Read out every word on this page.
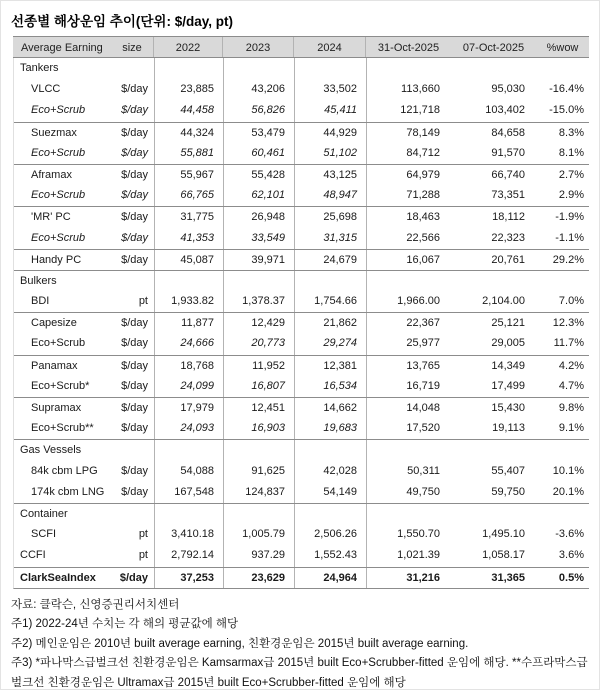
선종별 해상운임 추이(단위: $/day, pt)
Average Earning	size	2022	2023	2024	31-Oct-2025	07-Oct-2025	%wow
Tankers
VLCC	$/day	23,885	43,206	33,502	113,660	95,030	-16.4%
Eco+Scrub	$/day	44,458	56,826	45,411	121,718	103,402	-15.0%
Suezmax	$/day	44,324	53,479	44,929	78,149	84,658	8.3%
Eco+Scrub	$/day	55,881	60,461	51,102	84,712	91,570	8.1%
Aframax	$/day	55,967	55,428	43,125	64,979	66,740	2.7%
Eco+Scrub	$/day	66,765	62,101	48,947	71,288	73,351	2.9%
'MR' PC	$/day	31,775	26,948	25,698	18,463	18,112	-1.9%
Eco+Scrub	$/day	41,353	33,549	31,315	22,566	22,323	-1.1%
Handy PC	$/day	45,087	39,971	24,679	16,067	20,761	29.2%
Bulkers
BDI	pt	1,933.82	1,378.37	1,754.66	1,966.00	2,104.00	7.0%
Capesize	$/day	11,877	12,429	21,862	22,367	25,121	12.3%
Eco+Scrub	$/day	24,666	20,773	29,274	25,977	29,005	11.7%
Panamax	$/day	18,768	11,952	12,381	13,765	14,349	4.2%
Eco+Scrub*	$/day	24,099	16,807	16,534	16,719	17,499	4.7%
Supramax	$/day	17,979	12,451	14,662	14,048	15,430	9.8%
Eco+Scrub**	$/day	24,093	16,903	19,683	17,520	19,113	9.1%
Gas Vessels
84k cbm LPG	$/day	54,088	91,625	42,028	50,311	55,407	10.1%
174k cbm LNG	$/day	167,548	124,837	54,149	49,750	59,750	20.1%
Container
SCFI	pt	3,410.18	1,005.79	2,506.26	1,550.70	1,495.10	-3.6%
CCFI	pt	2,792.14	937.29	1,552.43	1,021.39	1,058.17	3.6%
ClarkSeaIndex	$/day	37,253	23,629	24,964	31,216	31,365	0.5%
자료: 클락슨, 신영증권리서치센터
주1) 2022-24년 수치는 각 해의 평균값에 해당
주2) 메인운임은 2010년 built average earning, 친환경운임은 2015년 built average earning.
주3) *파나막스급벌크선 친환경운임은 Kamsarmax급 2015년 built Eco+Scrubber-fitted 운임에 해당. **수프라막스급 벌크선 친환경운임은 Ultramax급 2015년 built Eco+Scrubber-fitted 운임에 해당
